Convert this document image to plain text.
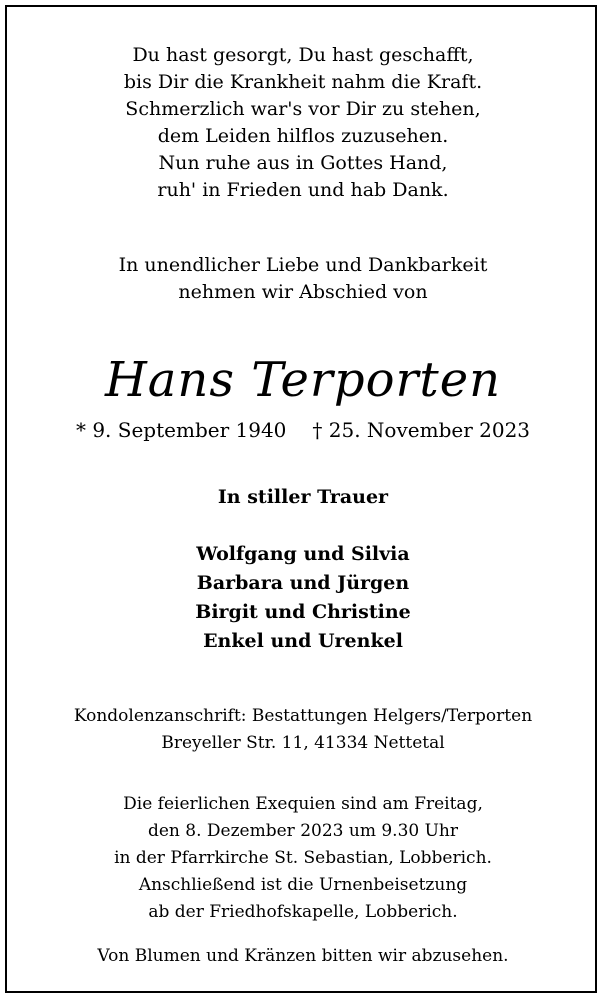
Du hast gesorgt, Du hast geschafft,
bis Dir die Krankheit nahm die Kraft.
Schmerzlich war's vor Dir zu stehen,
dem Leiden hilflos zuzusehen.
Nun ruhe aus in Gottes Hand,
ruh' in Frieden und hab Dank.
In unendlicher Liebe und Dankbarkeit
nehmen wir Abschied von
Hans Terporten
* 9. September 1940 † 25. November 2023
In stiller Trauer
Wolfgang und Silvia
Barbara und Jürgen
Birgit und Christine
Enkel und Urenkel
Kondolenzanschrift: Bestattungen Helgers/Terporten
Breyeller Str. 11, 41334 Nettetal
Die feierlichen Exequien sind am Freitag,
den 8. Dezember 2023 um 9.30 Uhr
in der Pfarrkirche St. Sebastian, Lobberich.
Anschließend ist die Urnenbeisetzung
ab der Friedhofskapelle, Lobberich.
Von Blumen und Kränzen bitten wir abzusehen.
